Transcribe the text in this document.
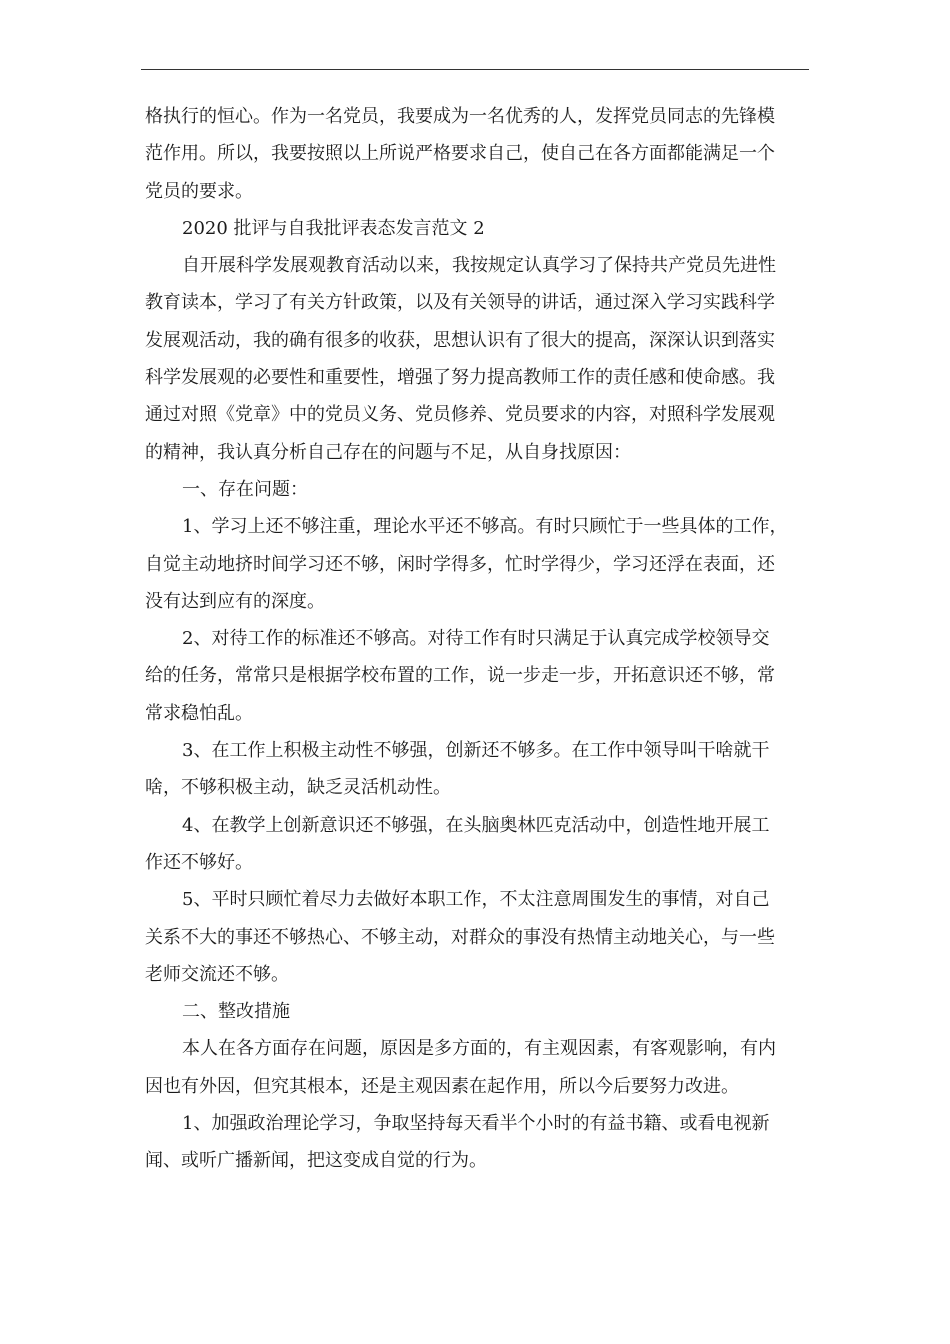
格执行的恒心。作为一名党员，我要成为一名优秀的人，发挥党员同志的先锋模
范作用。所以，我要按照以上所说严格要求自己，使自己在各方面都能满足一个
党员的要求。
2020 批评与自我批评表态发言范文 2
自开展科学发展观教育活动以来，我按规定认真学习了保持共产党员先进性
教育读本，学习了有关方针政策，以及有关领导的讲话，通过深入学习实践科学
发展观活动，我的确有很多的收获，思想认识有了很大的提高，深深认识到落实
科学发展观的必要性和重要性，增强了努力提高教师工作的责任感和使命感。我
通过对照《党章》中的党员义务、党员修养、党员要求的内容，对照科学发展观
的精神，我认真分析自己存在的问题与不足，从自身找原因：
一、存在问题：
1、学习上还不够注重，理论水平还不够高。有时只顾忙于一些具体的工作，
自觉主动地挤时间学习还不够，闲时学得多，忙时学得少，学习还浮在表面，还
没有达到应有的深度。
2、对待工作的标准还不够高。对待工作有时只满足于认真完成学校领导交
给的任务，常常只是根据学校布置的工作，说一步走一步，开拓意识还不够，常
常求稳怕乱。
3、在工作上积极主动性不够强，创新还不够多。在工作中领导叫干啥就干
啥，不够积极主动，缺乏灵活机动性。
4、在教学上创新意识还不够强，在头脑奥林匹克活动中，创造性地开展工
作还不够好。
5、平时只顾忙着尽力去做好本职工作，不太注意周围发生的事情，对自己
关系不大的事还不够热心、不够主动，对群众的事没有热情主动地关心，与一些
老师交流还不够。
二、整改措施
本人在各方面存在问题，原因是多方面的，有主观因素，有客观影响，有内
因也有外因，但究其根本，还是主观因素在起作用，所以今后要努力改进。
1、加强政治理论学习，争取坚持每天看半个小时的有益书籍、或看电视新
闻、或听广播新闻，把这变成自觉的行为。
